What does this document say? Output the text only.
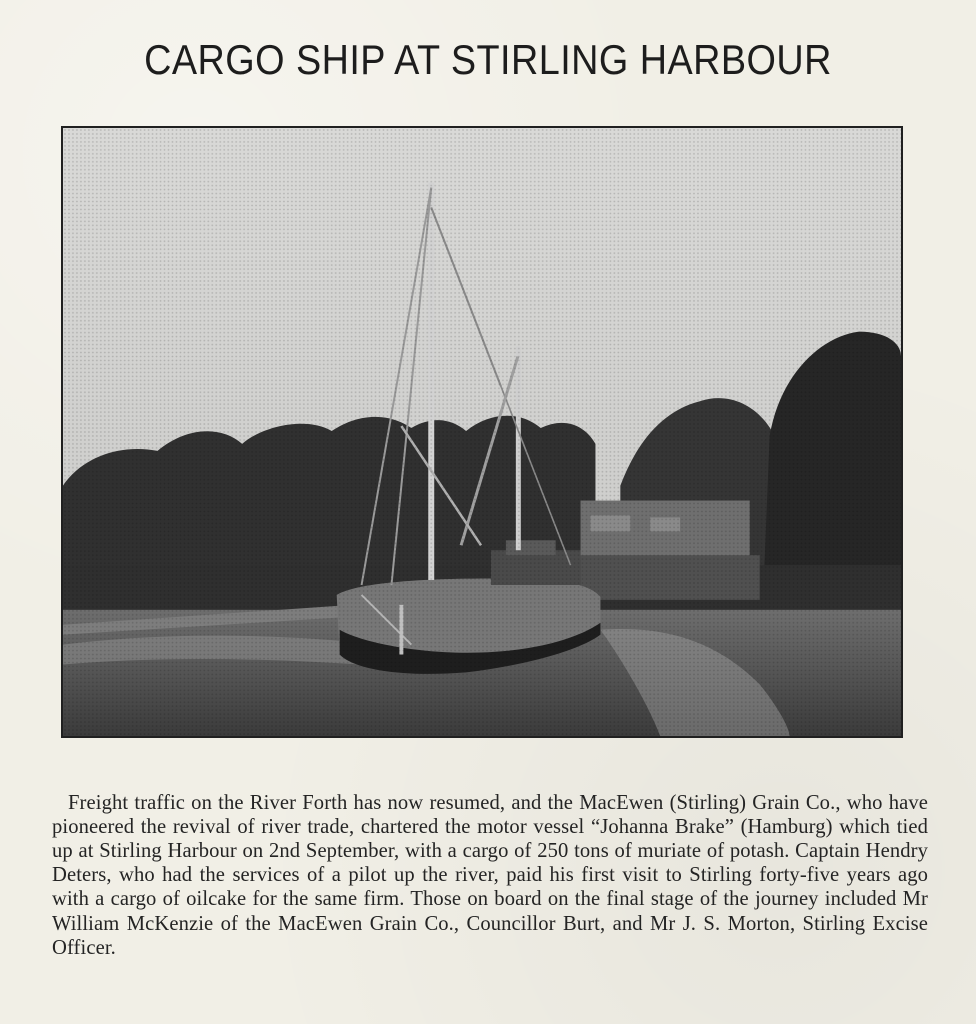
CARGO SHIP AT STIRLING HARBOUR

Freight traffic on the River Forth has now resumed, and the MacEwen (Stirling) Grain Co., who have pioneered the revival of river trade, chartered the motor vessel “Johanna Brake” (Hamburg) which tied up at Stirling Harbour on 2nd September, with a cargo of 250 tons of muriate of potash. Captain Hendry Deters, who had the services of a pilot up the river, paid his first visit to Stirling forty-five years ago with a cargo of oilcake for the same firm. Those on board on the final stage of the journey included Mr William McKenzie of the MacEwen Grain Co., Councillor Burt, and Mr J. S. Morton, Stirling Excise Officer.
